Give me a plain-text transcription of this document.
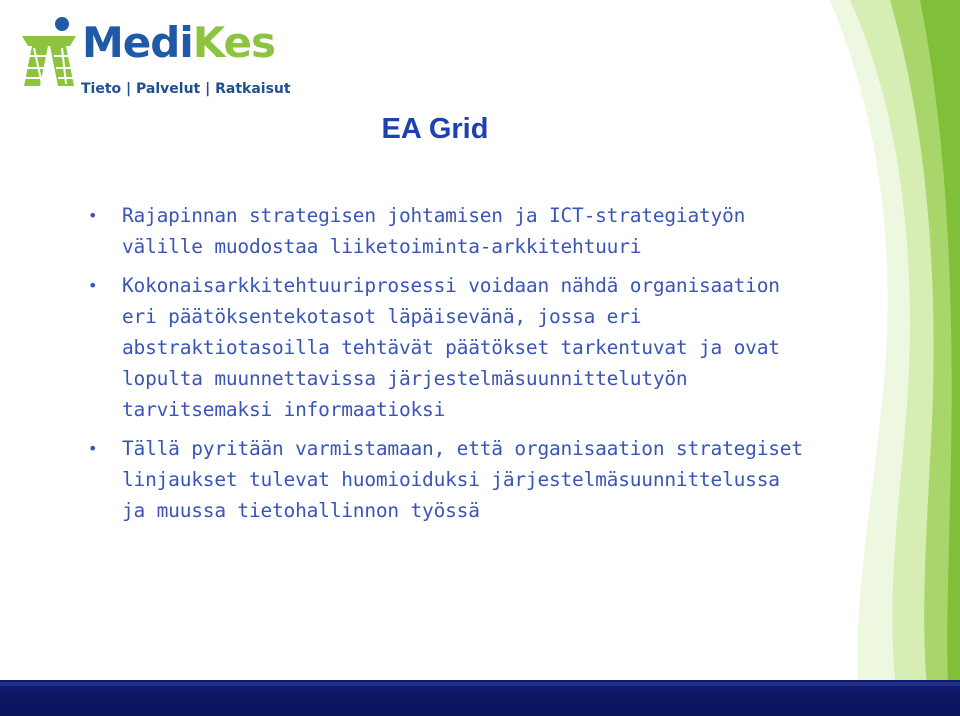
MediKes
Tieto | Palvelut | Ratkaisut
EA Grid
• Rajapinnan strategisen johtamisen ja ICT-strategiatyön välille muodostaa liiketoiminta-arkkitehtuuri
• Kokonaisarkkitehtuuriprosessi voidaan nähdä organisaation eri päätöksentekotasot läpäisevänä, jossa eri abstraktiotasoilla tehtävät päätökset tarkentuvat ja ovat lopulta muunnettavissa järjestelmäsuunnittelutyön tarvitsemaksi informaatioksi
• Tällä pyritään varmistamaan, että organisaation strategiset linjaukset tulevat huomioiduksi järjestelmäsuunnittelussa ja muussa tietohallinnon työssä
